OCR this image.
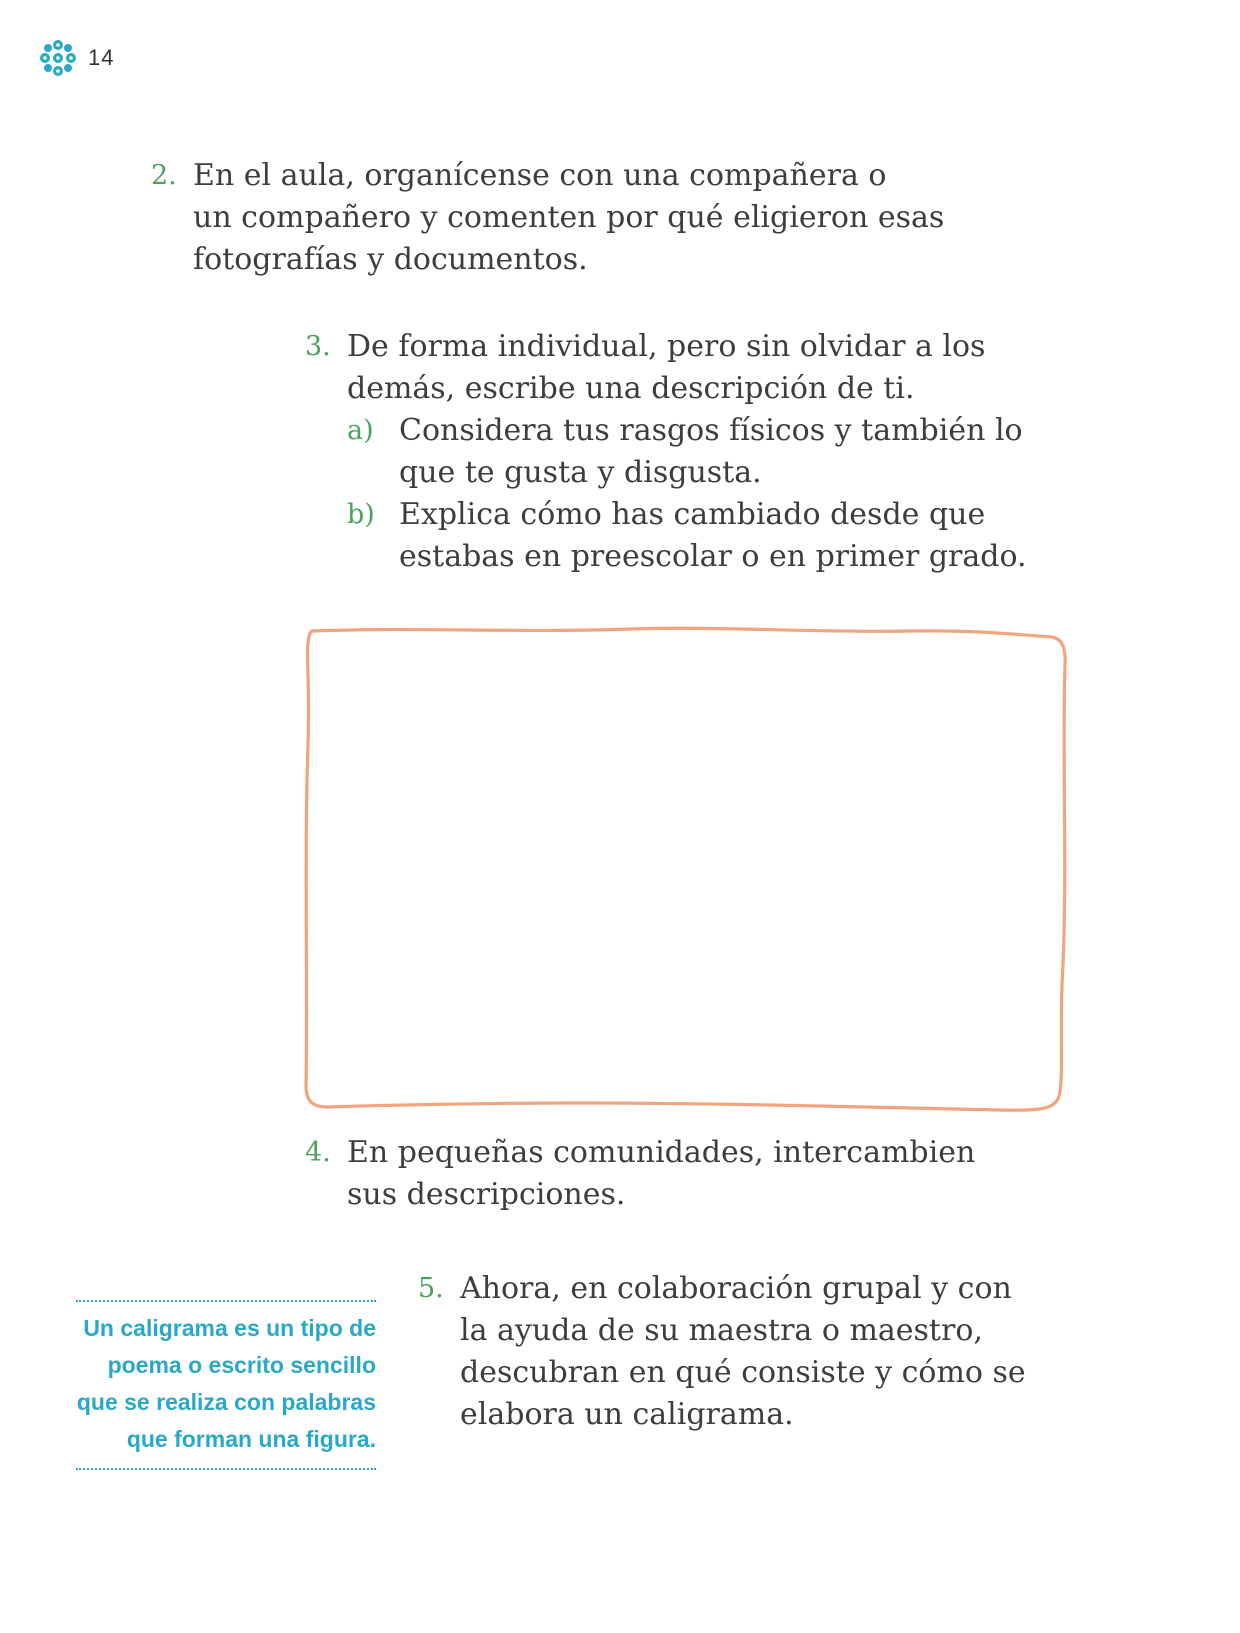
14
2. En el aula, organícense con una compañera o
un compañero y comenten por qué eligieron esas
fotografías y documentos.
3. De forma individual, pero sin olvidar a los
demás, escribe una descripción de ti.
a) Considera tus rasgos físicos y también lo
que te gusta y disgusta.
b) Explica cómo has cambiado desde que
estabas en preescolar o en primer grado.
4. En pequeñas comunidades, intercambien
sus descripciones.
Un caligrama es un tipo de
poema o escrito sencillo
que se realiza con palabras
que forman una figura.
5. Ahora, en colaboración grupal y con
la ayuda de su maestra o maestro,
descubran en qué consiste y cómo se
elabora un caligrama.
